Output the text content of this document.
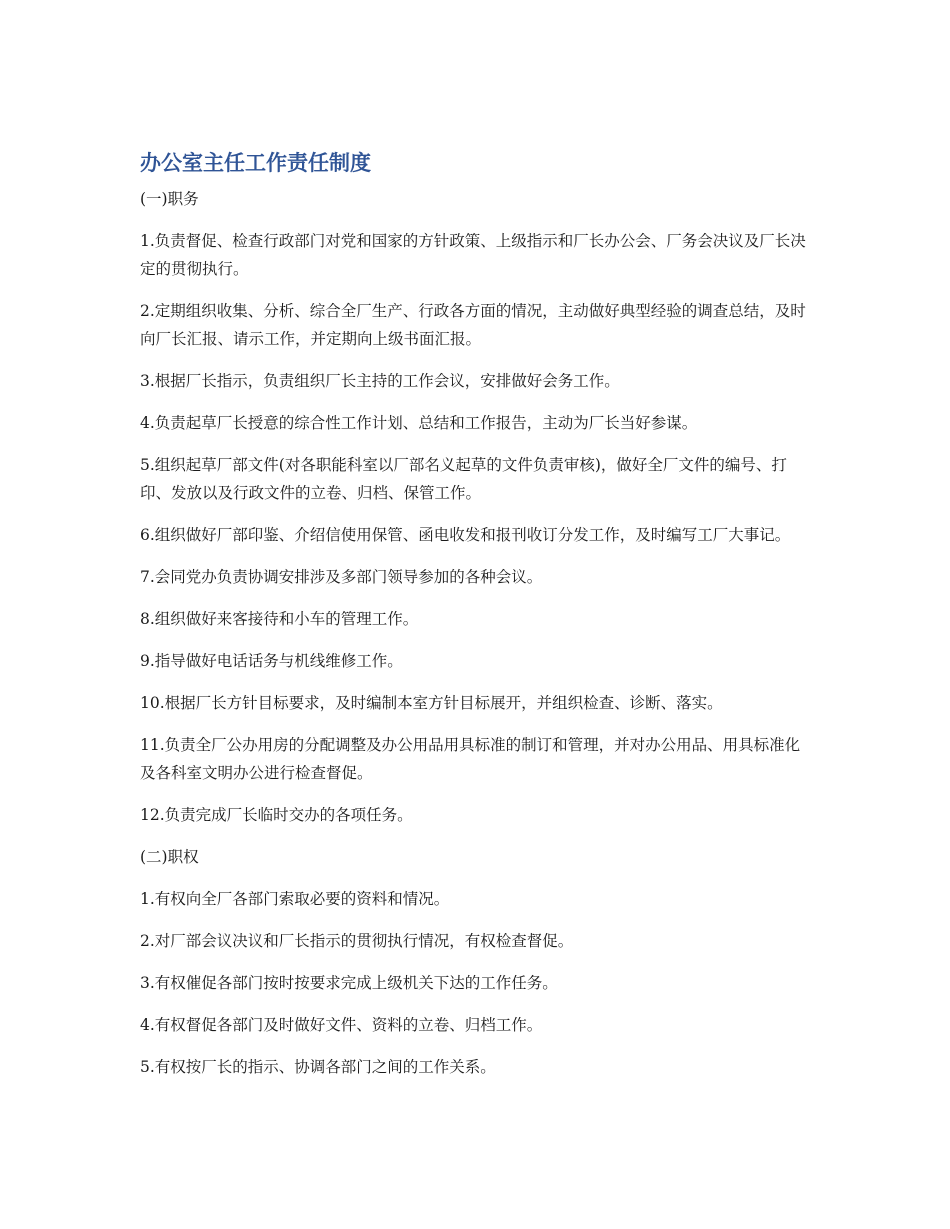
办公室主任工作责任制度

(一)职务

1.负责督促、检查行政部门对党和国家的方针政策、上级指示和厂长办公会、厂务会决议及厂长决定的贯彻执行。

2.定期组织收集、分析、综合全厂生产、行政各方面的情况，主动做好典型经验的调查总结，及时向厂长汇报、请示工作，并定期向上级书面汇报。

3.根据厂长指示，负责组织厂长主持的工作会议，安排做好会务工作。

4.负责起草厂长授意的综合性工作计划、总结和工作报告，主动为厂长当好参谋。

5.组织起草厂部文件(对各职能科室以厂部名义起草的文件负责审核)，做好全厂文件的编号、打印、发放以及行政文件的立卷、归档、保管工作。

6.组织做好厂部印鉴、介绍信使用保管、函电收发和报刊收订分发工作，及时编写工厂大事记。

7.会同党办负责协调安排涉及多部门领导参加的各种会议。

8.组织做好来客接待和小车的管理工作。

9.指导做好电话话务与机线维修工作。

10.根据厂长方针目标要求，及时编制本室方针目标展开，并组织检查、诊断、落实。

11.负责全厂公办用房的分配调整及办公用品用具标准的制订和管理，并对办公用品、用具标准化及各科室文明办公进行检查督促。

12.负责完成厂长临时交办的各项任务。

(二)职权

1.有权向全厂各部门索取必要的资料和情况。

2.对厂部会议决议和厂长指示的贯彻执行情况，有权检查督促。

3.有权催促各部门按时按要求完成上级机关下达的工作任务。

4.有权督促各部门及时做好文件、资料的立卷、归档工作。

5.有权按厂长的指示、协调各部门之间的工作关系。
